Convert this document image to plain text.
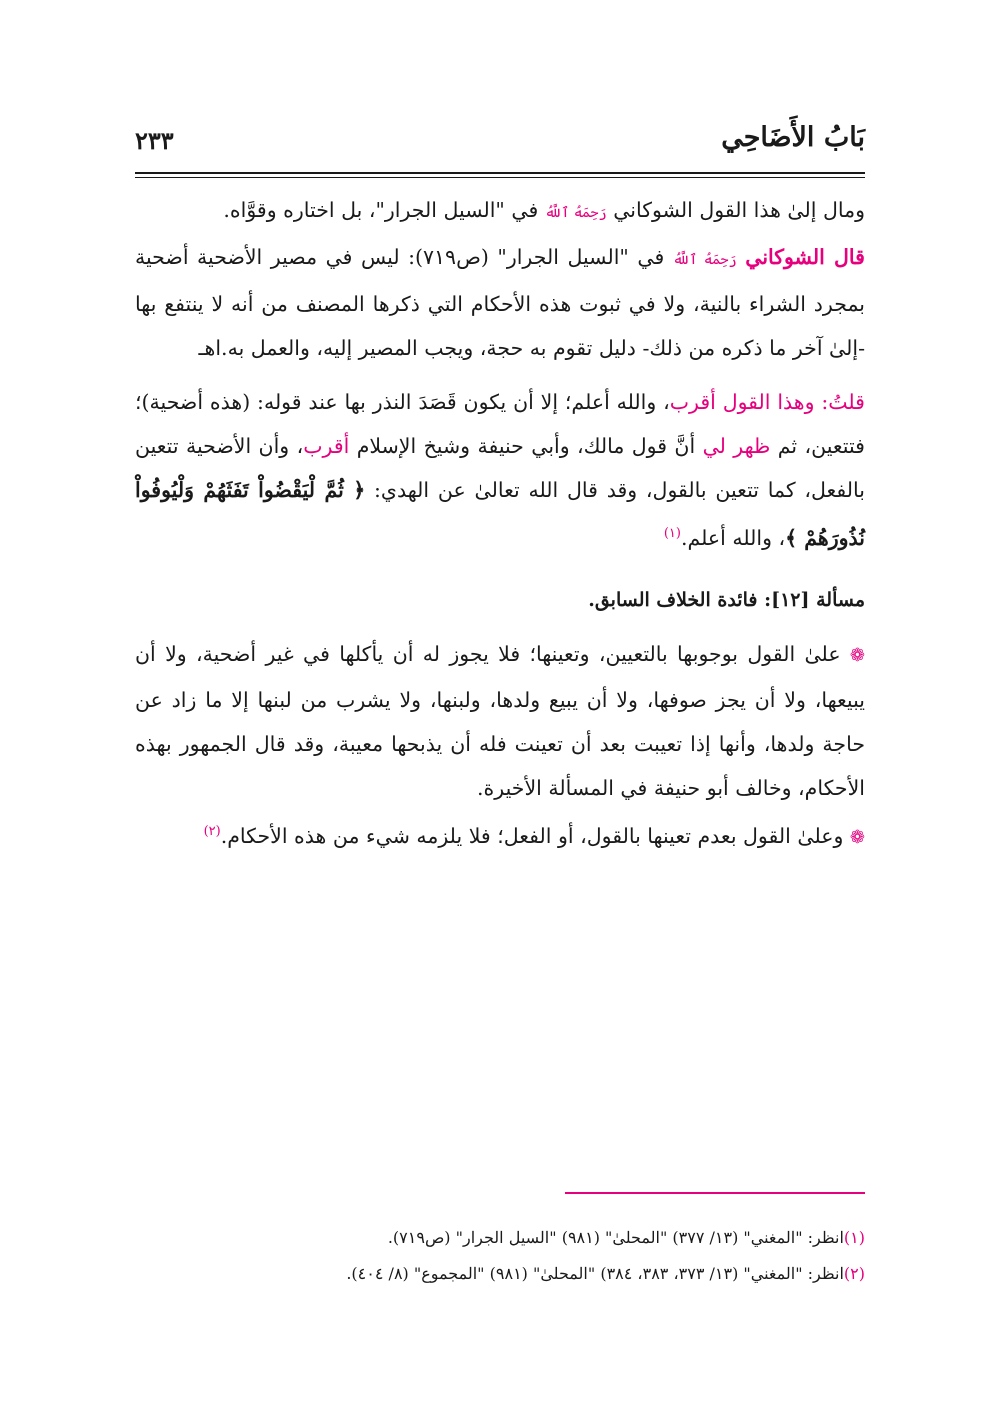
٢٣٣	بَابُ الأَضَاحِي

ومال إلىٰ هذا القول الشوكاني رَحِمَهُ ٱللَّهُ في "السيل الجرار"، بل اختاره وقوَّاه.

قال الشوكاني رَحِمَهُ ٱللَّهُ في "السيل الجرار" (ص٧١٩): ليس في مصير الأضحية أضحية بمجرد الشراء بالنية، ولا في ثبوت هذه الأحكام التي ذكرها المصنف من أنه لا ينتفع بها -إلىٰ آخر ما ذكره من ذلك- دليل تقوم به حجة، ويجب المصير إليه، والعمل به.اهـ

قلتُ: وهذا القول أقرب، والله أعلم؛ إلا أن يكون قَصَدَ النذر بها عند قوله: (هذه أضحية)؛ فتتعين، ثم ظهر لي أنَّ قول مالك، وأبي حنيفة وشيخ الإسلام أقرب، وأن الأضحية تتعين بالفعل، كما تتعين بالقول، وقد قال الله تعالىٰ عن الهدي: ﴿ ثُمَّ لْيَقْضُواْ تَفَثَهُمْ وَلْيُوفُواْ نُذُورَهُمْ ﴾، والله أعلم.$^{(١)}$

مسألة [١٢]: فائدة الخلاف السابق.

❁ علىٰ القول بوجوبها بالتعيين، وتعينها؛ فلا يجوز له أن يأكلها في غير أضحية، ولا أن يبيعها، ولا أن يجز صوفها، ولا أن يبيع ولدها، ولبنها، ولا يشرب من لبنها إلا ما زاد عن حاجة ولدها، وأنها إذا تعيبت بعد أن تعينت فله أن يذبحها معيبة، وقد قال الجمهور بهذه الأحكام، وخالف أبو حنيفة في المسألة الأخيرة.

❁ وعلىٰ القول بعدم تعينها بالقول، أو الفعل؛ فلا يلزمه شيء من هذه الأحكام.$^{(٢)}$

(١)انظر: "المغني" (١٣/ ٣٧٧) "المحلىٰ" (٩٨١) "السيل الجرار" (ص٧١٩).

(٢)انظر: "المغني" (١٣/ ٣٧٣، ٣٨٣، ٣٨٤) "المحلىٰ" (٩٨١) "المجموع" (٨/ ٤٠٤).
